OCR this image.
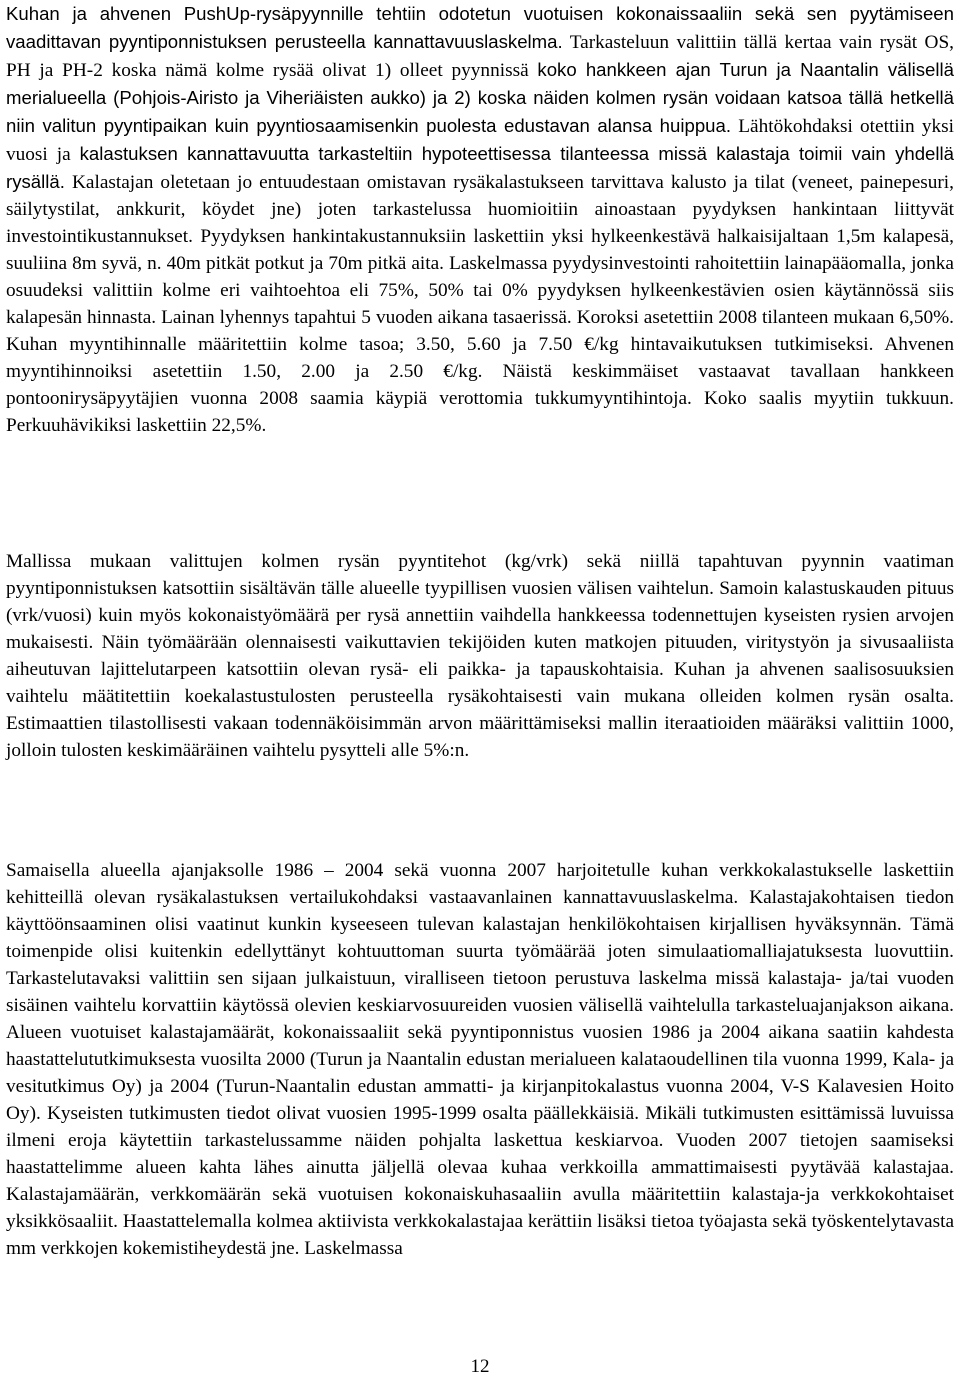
Kuhan ja ahvenen PushUp-rysäpyynnille tehtiin odotetun vuotuisen kokonaissaaliin sekä sen pyytämiseen vaadittavan pyyntiponnistuksen perusteella kannattavuuslaskelma. Tarkasteluun valittiin tällä kertaa vain rysät OS, PH ja PH-2 koska nämä kolme rysää olivat 1) olleet pyynnissä koko hankkeen ajan Turun ja Naantalin välisellä merialueella (Pohjois-Airisto ja Viheriäisten aukko) ja 2) koska näiden kolmen rysän voidaan katsoa tällä hetkellä niin valitun pyyntipaikan kuin pyyntiosaamisenkin puolesta edustavan alansa huippua. Lähtökohdaksi otettiin yksi vuosi ja kalastuksen kannattavuutta tarkasteltiin hypoteettisessa tilanteessa missä kalastaja toimii vain yhdellä rysällä. Kalastajan oletetaan jo entuudestaan omistavan rysäkalastukseen tarvittava kalusto ja tilat (veneet, painepesuri, säilytystilat, ankkurit, köydet jne) joten tarkastelussa huomioitiin ainoastaan pyydyksen hankintaan liittyvät investointikustannukset. Pyydyksen hankintakustannuksiin laskettiin yksi hylkeenkestävä halkaisijaltaan 1,5m kalapesä, suuliina 8m syvä, n. 40m pitkät potkut ja 70m pitkä aita. Laskelmassa pyydysinvestointi rahoitettiin lainapääomalla, jonka osuudeksi valittiin kolme eri vaihtoehtoa eli 75%, 50% tai 0% pyydyksen hylkeenkestävien osien käytännössä siis kalapesän hinnasta. Lainan lyhennys tapahtui 5 vuoden aikana tasaerissä. Koroksi asetettiin 2008 tilanteen mukaan 6,50%. Kuhan myyntihinnalle määritettiin kolme tasoa; 3.50, 5.60 ja 7.50 €/kg hintavaikutuksen tutkimiseksi. Ahvenen myyntihinnoiksi asetettiin 1.50, 2.00 ja 2.50 €/kg. Näistä keskimmäiset vastaavat tavallaan hankkeen pontoonirysäpyytäjien vuonna 2008 saamia käypiä verottomia tukkumyyntihintoja. Koko saalis myytiin tukkuun. Perkuuhävikiksi laskettiin 22,5%.

Mallissa mukaan valittujen kolmen rysän pyyntitehot (kg/vrk) sekä niillä tapahtuvan pyynnin vaatiman pyyntiponnistuksen katsottiin sisältävän tälle alueelle tyypillisen vuosien välisen vaihtelun. Samoin kalastuskauden pituus (vrk/vuosi) kuin myös kokonaistyömäärä per rysä annettiin vaihdella hankkeessa todennettujen kyseisten rysien arvojen mukaisesti. Näin työmäärään olennaisesti vaikuttavien tekijöiden kuten matkojen pituuden, viritystyön ja sivusaaliista aiheutuvan lajittelutarpeen katsottiin olevan rysä- eli paikka- ja tapauskohtaisia. Kuhan ja ahvenen saalisosuuksien vaihtelu määtitettiin koekalastustulosten perusteella rysäkohtaisesti vain mukana olleiden kolmen rysän osalta. Estimaattien tilastollisesti vakaan todennäköisimmän arvon määrittämiseksi mallin iteraatioiden määräksi valittiin 1000, jolloin tulosten keskimääräinen vaihtelu pysytteli alle 5%:n.

Samaisella alueella ajanjaksolle 1986 – 2004 sekä vuonna 2007 harjoitetulle kuhan verkkokalastukselle laskettiin kehitteillä olevan rysäkalastuksen vertailukohdaksi vastaavanlainen kannattavuuslaskelma. Kalastajakohtaisen tiedon käyttöönsaaminen olisi vaatinut kunkin kyseeseen tulevan kalastajan henkilökohtaisen kirjallisen hyväksynnän. Tämä toimenpide olisi kuitenkin edellyttänyt kohtuuttoman suurta työmäärää joten simulaatiomalliajatuksesta luovuttiin. Tarkastelutavaksi valittiin sen sijaan julkaistuun, viralliseen tietoon perustuva laskelma missä kalastaja- ja/tai vuoden sisäinen vaihtelu korvattiin käytössä olevien keskiarvosuureiden vuosien välisellä vaihtelulla tarkasteluajanjakson aikana. Alueen vuotuiset kalastajamäärät, kokonaissaaliit sekä pyyntiponnistus vuosien 1986 ja 2004 aikana saatiin kahdesta haastattelututkimuksesta vuosilta 2000 (Turun ja Naantalin edustan merialueen kalataoudellinen tila vuonna 1999, Kala- ja vesitutkimus Oy) ja 2004 (Turun-Naantalin edustan ammatti- ja kirjanpitokalastus vuonna 2004, V-S Kalavesien Hoito Oy). Kyseisten tutkimusten tiedot olivat vuosien 1995-1999 osalta päällekkäisiä. Mikäli tutkimusten esittämissä luvuissa ilmeni eroja käytettiin tarkastelussamme näiden pohjalta laskettua keskiarvoa. Vuoden 2007 tietojen saamiseksi haastattelimme alueen kahta lähes ainutta jäljellä olevaa kuhaa verkkoilla ammattimaisesti pyytävää kalastajaa. Kalastajamäärän, verkkomäärän sekä vuotuisen kokonaiskuhasaaliin avulla määritettiin kalastaja-ja verkkokohtaiset yksikkösaaliit. Haastattelemalla kolmea aktiivista verkkokalastajaa kerättiin lisäksi tietoa työajasta sekä työskentelytavasta mm verkkojen kokemistiheydestä jne. Laskelmassa

12
